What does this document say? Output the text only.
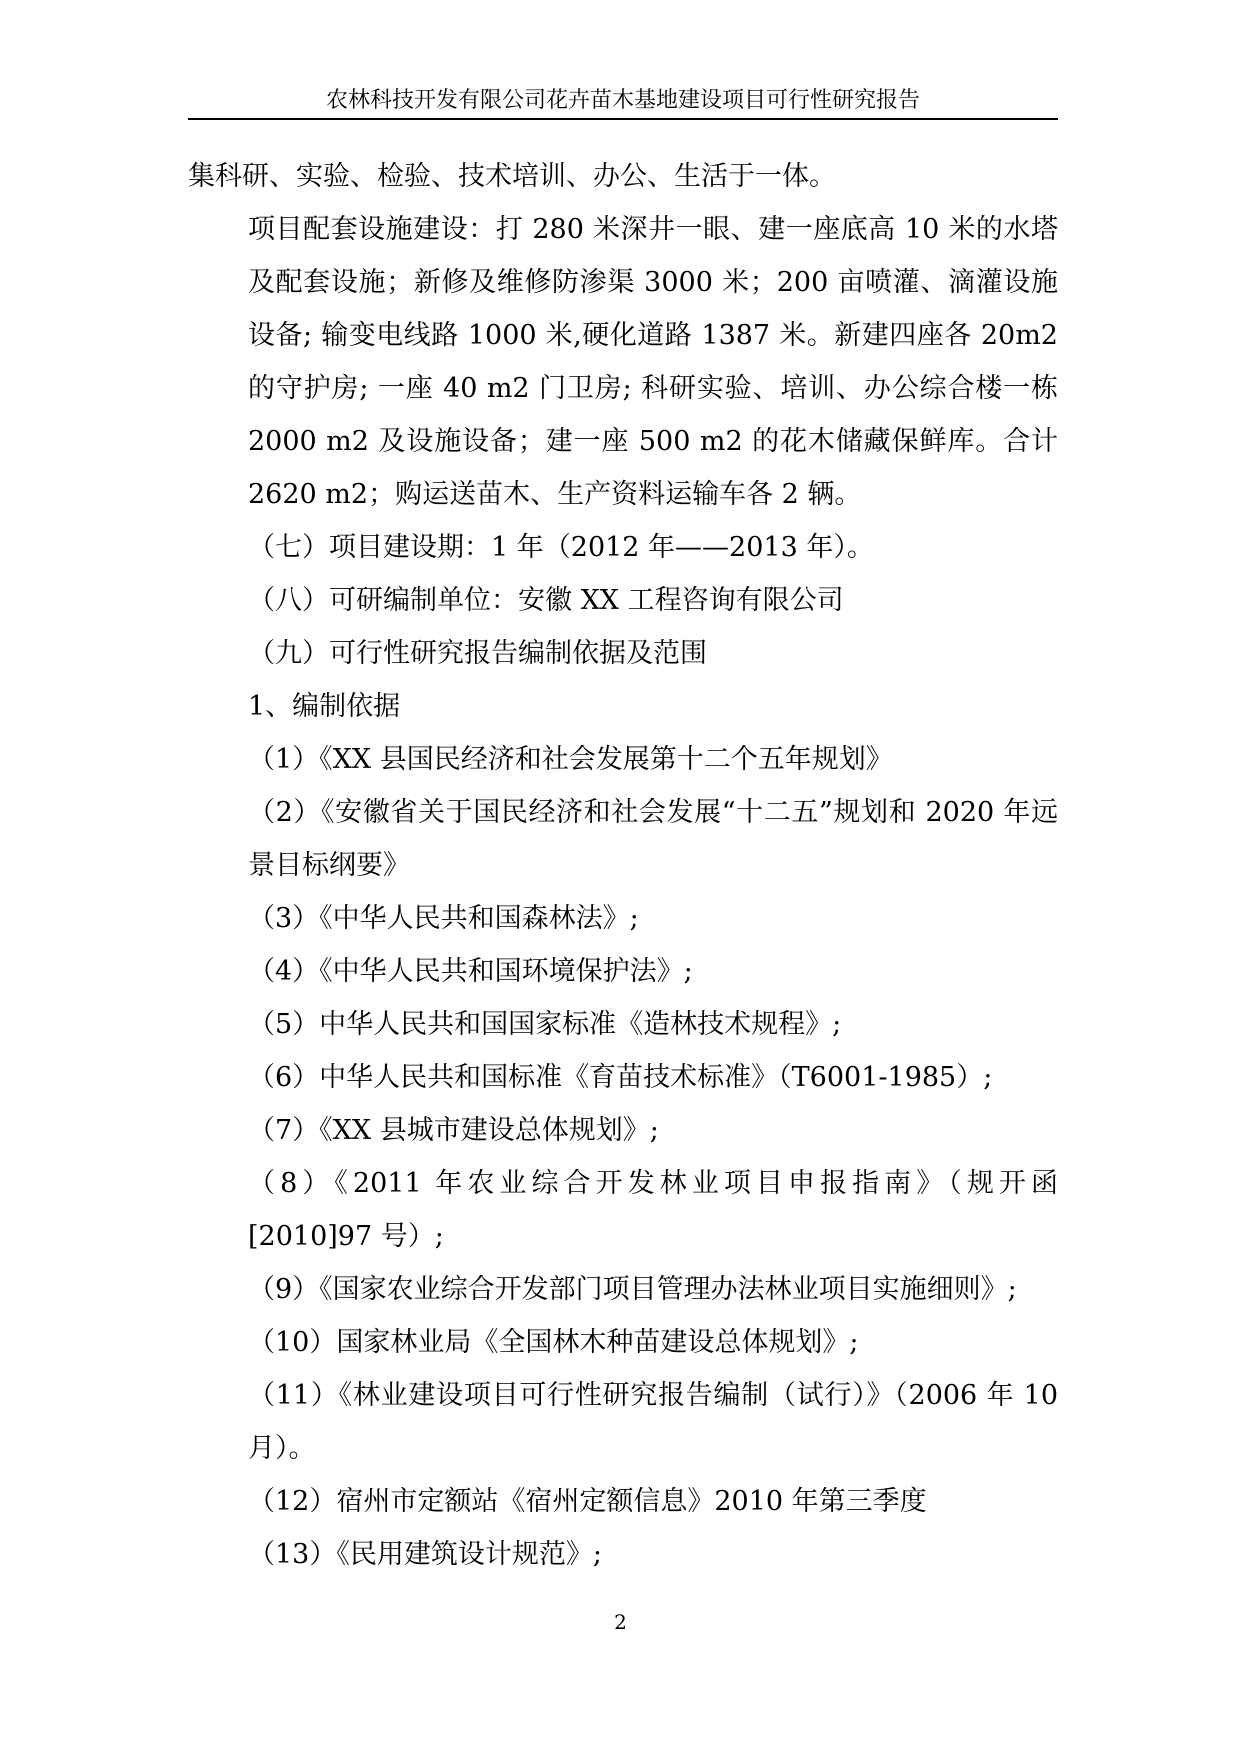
农林科技开发有限公司花卉苗木基地建设项目可行性研究报告

集科研、实验、检验、技术培训、办公、生活于一体。

项目配套设施建设：打 280 米深井一眼、建一座底高 10 米的水塔及配套设施；新修及维修防渗渠 3000 米；200 亩喷灌、滴灌设施设备; 输变电线路 1000 米,硬化道路 1387 米。新建四座各 20m2 的守护房; 一座 40 m2 门卫房; 科研实验、培训、办公综合楼一栋 2000 m2 及设施设备；建一座 500 m2 的花木储藏保鲜库。合计 2620 m2；购运送苗木、生产资料运输车各 2 辆。

（七）项目建设期：1 年（2012 年——2013 年）。

（八）可研编制单位：安徽 XX 工程咨询有限公司

（九）可行性研究报告编制依据及范围

1、编制依据

（1）《XX 县国民经济和社会发展第十二个五年规划》

（2）《安徽省关于国民经济和社会发展“十二五”规划和 2020 年远景目标纲要》

（3）《中华人民共和国森林法》;

（4）《中华人民共和国环境保护法》;

（5）中华人民共和国国家标准《造林技术规程》;

（6）中华人民共和国标准《育苗技术标准》（T6001-1985）;

（7）《XX 县城市建设总体规划》;

（8）《2011 年农业综合开发林业项目申报指南》（规开函[2010]97 号）;

（9）《国家农业综合开发部门项目管理办法林业项目实施细则》;

（10）国家林业局《全国林木种苗建设总体规划》;

（11）《林业建设项目可行性研究报告编制（试行）》（2006 年 10 月）。

（12）宿州市定额站《宿州定额信息》2010 年第三季度

（13）《民用建筑设计规范》;

2
